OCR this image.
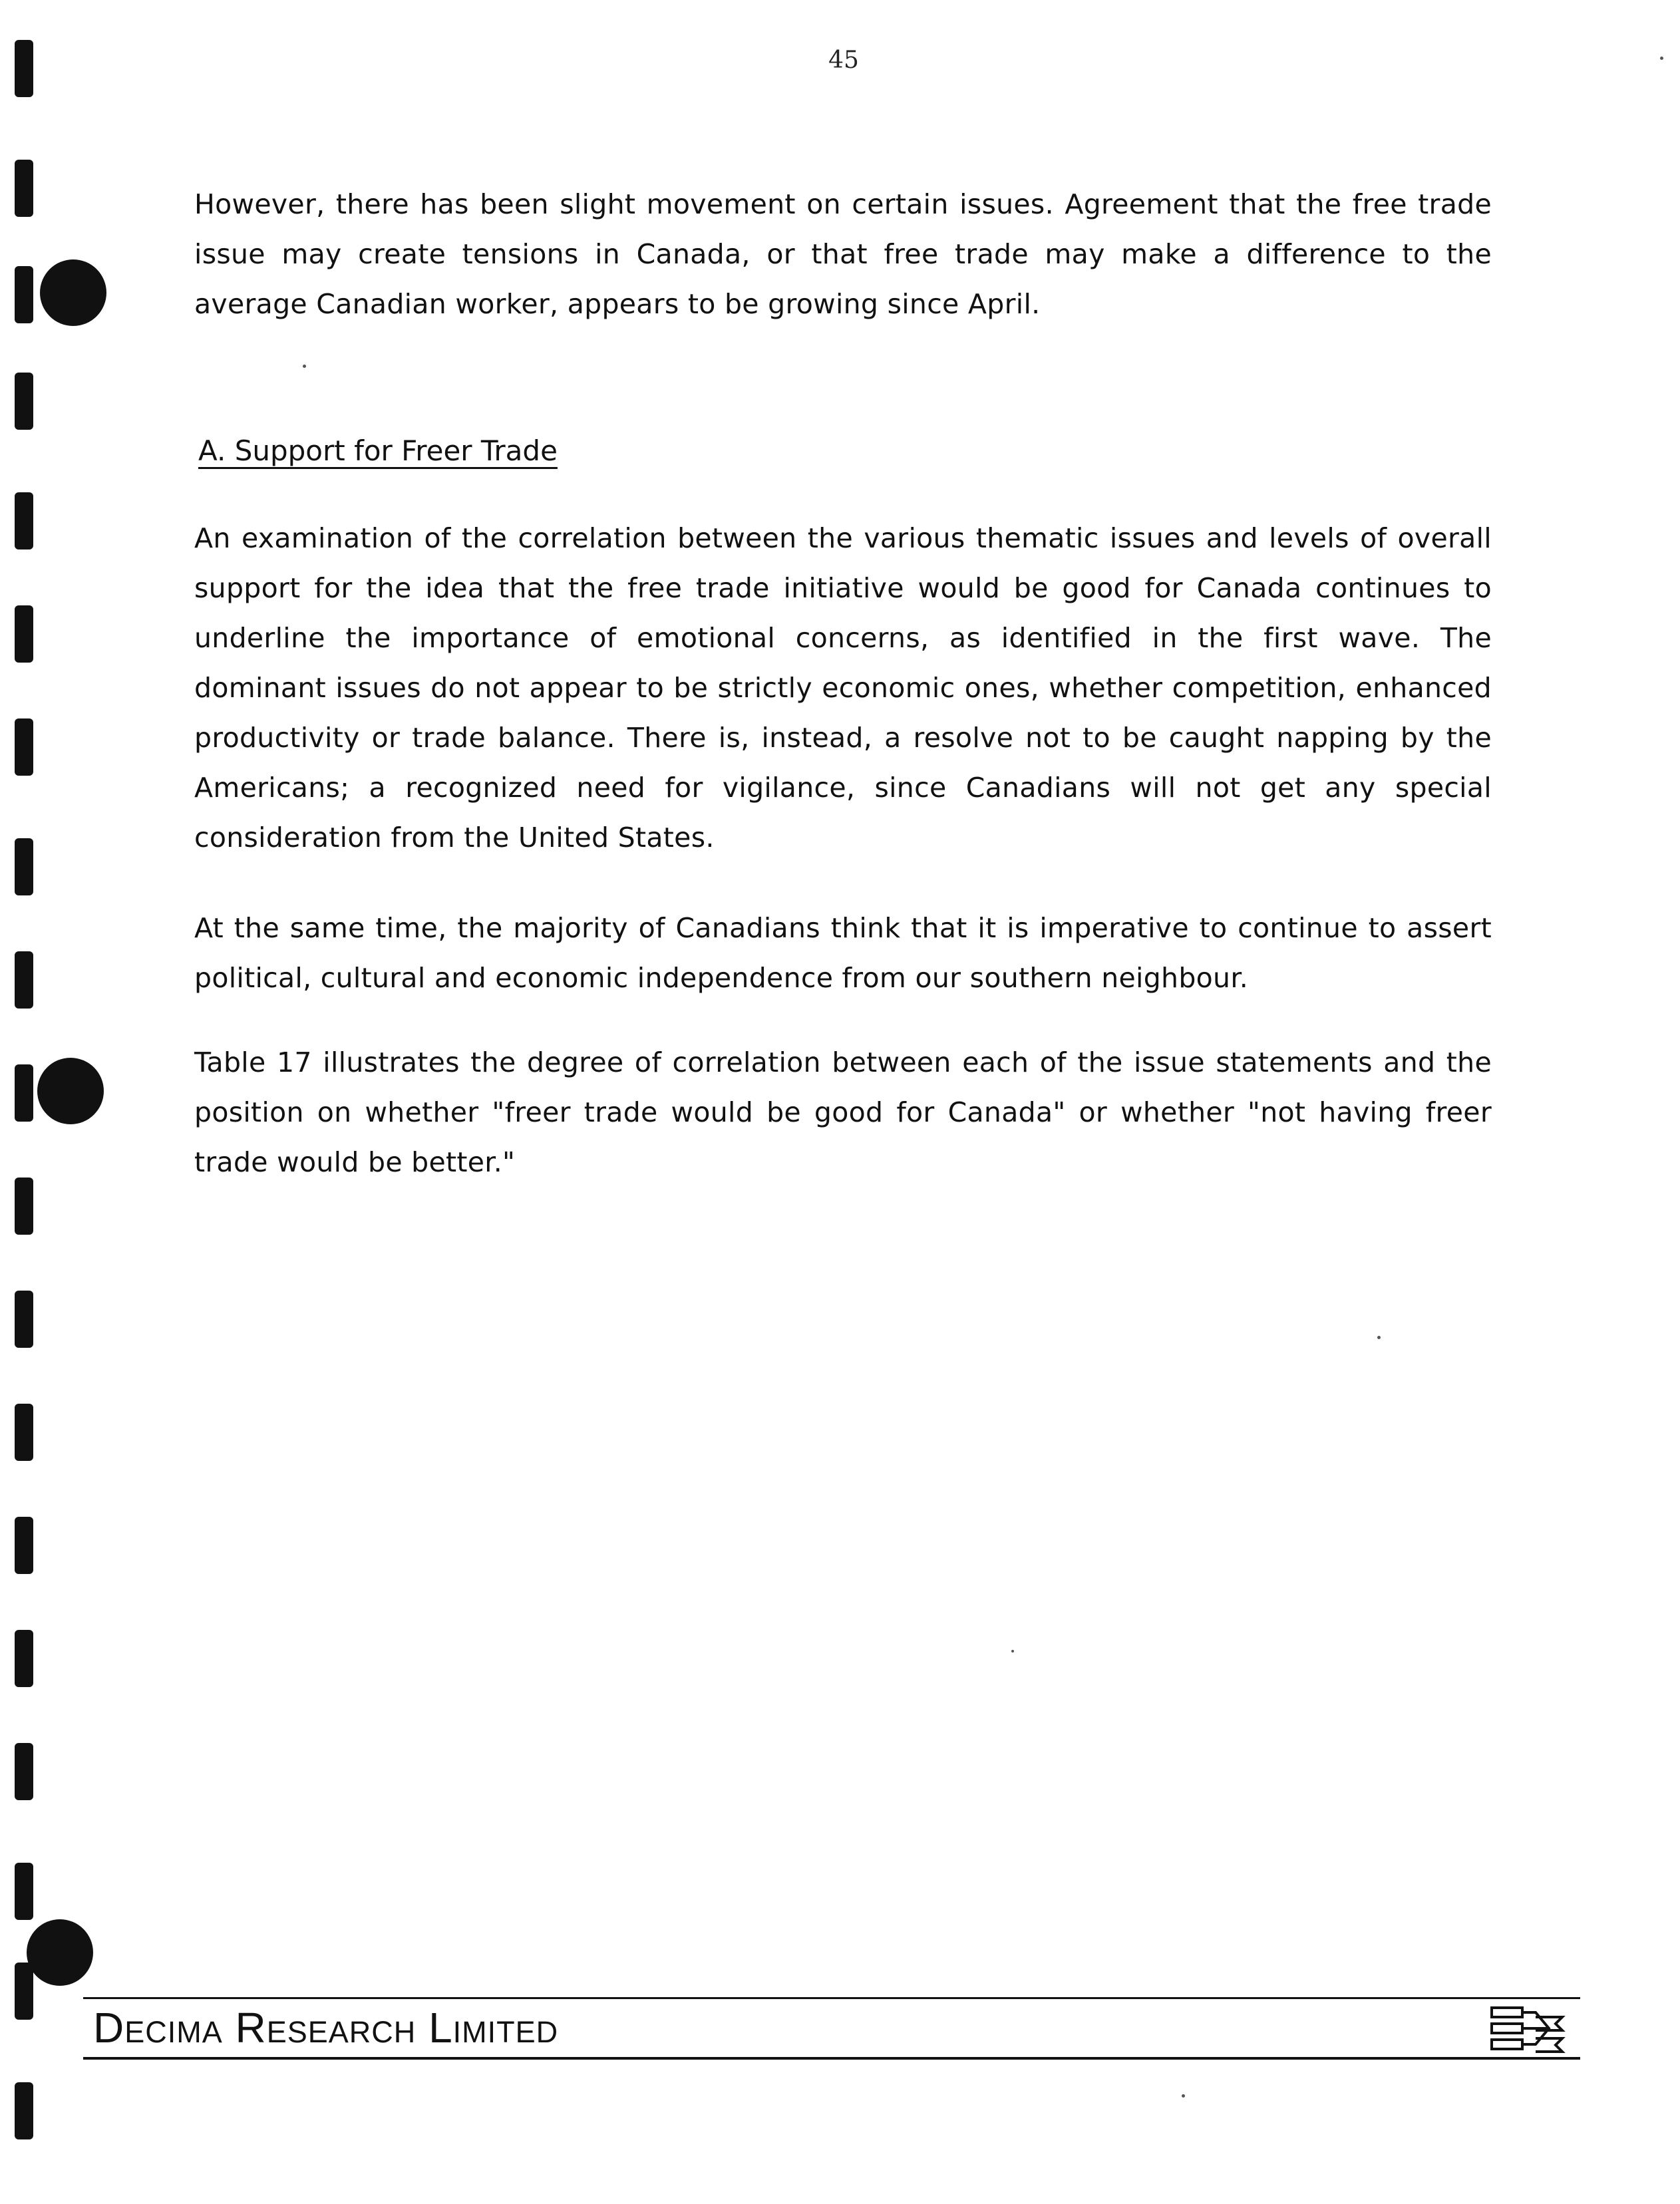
45

However, there has been slight movement on certain issues. Agreement that the free trade issue may create tensions in Canada, or that free trade may make a difference to the average Canadian worker, appears to be growing since April.

A. Support for Freer Trade

An examination of the correlation between the various thematic issues and levels of overall support for the idea that the free trade initiative would be good for Canada continues to underline the importance of emotional concerns, as identified in the first wave. The dominant issues do not appear to be strictly economic ones, whether competition, enhanced productivity or trade balance. There is, instead, a resolve not to be caught napping by the Americans; a recognized need for vigilance, since Canadians will not get any special consideration from the United States.

At the same time, the majority of Canadians think that it is imperative to continue to assert political, cultural and economic independence from our southern neighbour.

Table 17 illustrates the degree of correlation between each of the issue statements and the position on whether "freer trade would be good for Canada" or whether "not having freer trade would be better."

Decima Research Limited
